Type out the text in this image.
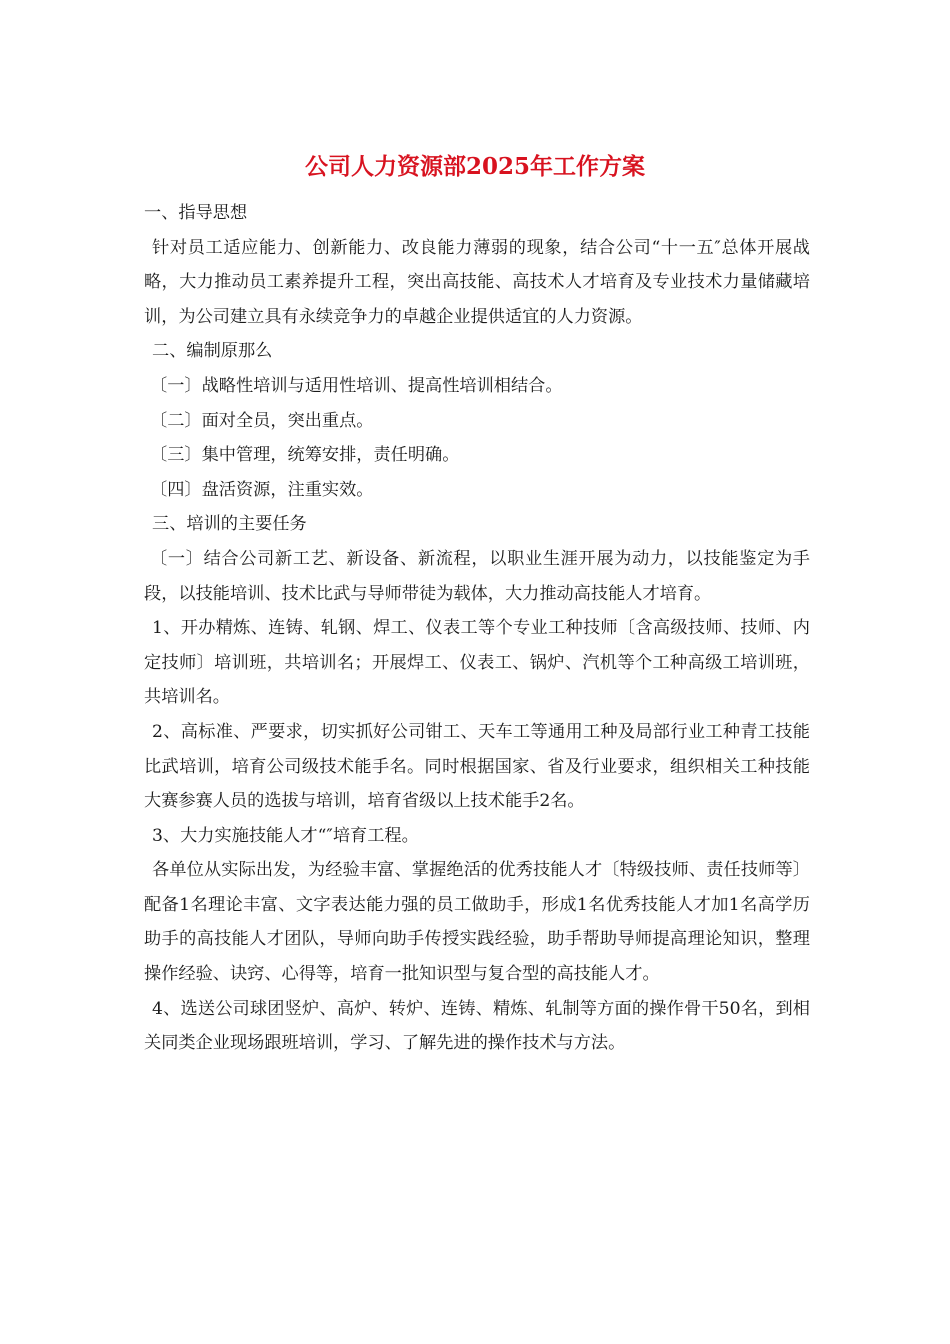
公司人力资源部2025年工作方案

一、指导思想

针对员工适应能力、创新能力、改良能力薄弱的现象，结合公司“十一五″总体开展战略，大力推动员工素养提升工程，突出高技能、高技术人才培育及专业技术力量储藏培训，为公司建立具有永续竞争力的卓越企业提供适宜的人力资源。

二、编制原那么

〔一〕战略性培训与适用性培训、提高性培训相结合。

〔二〕面对全员，突出重点。

〔三〕集中管理，统筹安排，责任明确。

〔四〕盘活资源，注重实效。

三、培训的主要任务

〔一〕结合公司新工艺、新设备、新流程，以职业生涯开展为动力，以技能鉴定为手段，以技能培训、技术比武与导师带徒为载体，大力推动高技能人才培育。

1、开办精炼、连铸、轧钢、焊工、仪表工等个专业工种技师〔含高级技师、技师、内定技师〕培训班，共培训名；开展焊工、仪表工、锅炉、汽机等个工种高级工培训班，共培训名。

2、高标准、严要求，切实抓好公司钳工、天车工等通用工种及局部行业工种青工技能比武培训，培育公司级技术能手名。同时根据国家、省及行业要求，组织相关工种技能大赛参赛人员的选拔与培训，培育省级以上技术能手2名。

3、大力实施技能人才“″培育工程。

各单位从实际出发，为经验丰富、掌握绝活的优秀技能人才〔特级技师、责任技师等〕配备1名理论丰富、文字表达能力强的员工做助手，形成1名优秀技能人才加1名高学历助手的高技能人才团队，导师向助手传授实践经验，助手帮助导师提高理论知识，整理操作经验、诀窍、心得等，培育一批知识型与复合型的高技能人才。

4、选送公司球团竖炉、高炉、转炉、连铸、精炼、轧制等方面的操作骨干50名，到相关同类企业现场跟班培训，学习、了解先进的操作技术与方法。
